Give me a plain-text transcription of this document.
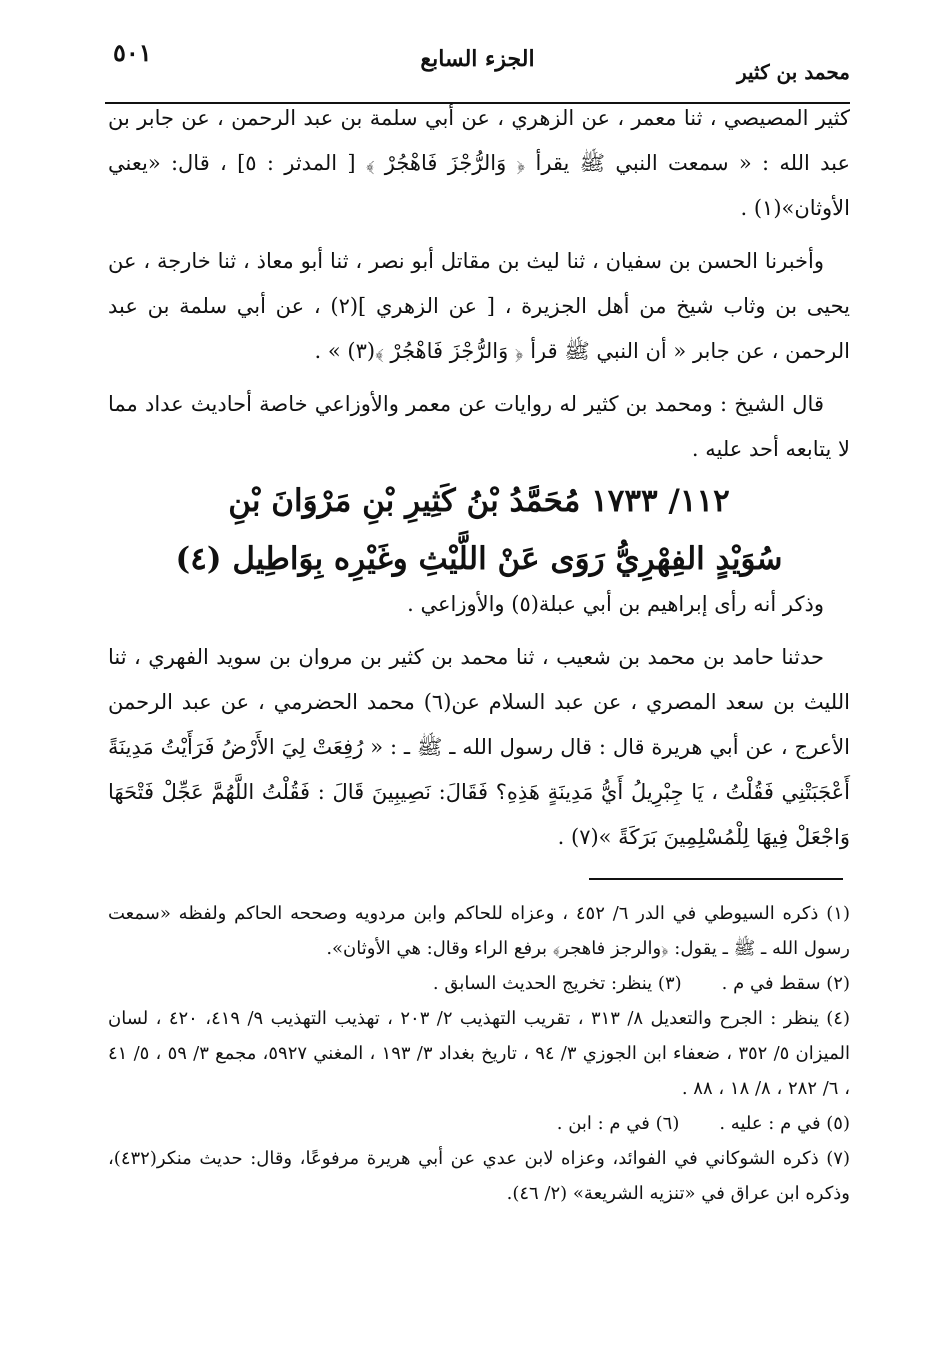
٥٠١	الجزء السابع	محمد بن كثير

كثير المصيصي ، ثنا معمر ، عن الزهري ، عن أبي سلمة بن عبد الرحمن ، عن جابر بن عبد الله : « سمعت النبي ﷺ يقرأ ﴿ وَالرُّجْزَ فَاهْجُرْ ﴾ [ المدثر : ٥] ، قال: «يعني الأوثان»(١) .

وأخبرنا الحسن بن سفيان ، ثنا ليث بن مقاتل أبو نصر ، ثنا أبو معاذ ، ثنا خارجة ، عن يحيى بن وثاب شيخ من أهل الجزيرة ، [ عن الزهري ](٢) ، عن أبي سلمة بن عبد الرحمن ، عن جابر « أن النبي ﷺ قرأ ﴿ وَالرُّجْزَ فَاهْجُرْ ﴾(٣) » .

قال الشيخ : ومحمد بن كثير له روايات عن معمر والأوزاعي خاصة أحاديث عداد مما لا يتابعه أحد عليه .

١١٢/ ١٧٣٣ مُحَمَّدُ بْنُ كَثِيرِ بْنِ مَرْوَانَ بْنِ
سُوَيْدٍ الفِهْرِيُّ رَوَى عَنْ اللَّيْثِ وغَيْرِه بِوَاطِيل (٤)

وذكر أنه رأى إبراهيم بن أبي عبلة(٥) والأوزاعي .

حدثنا حامد بن محمد بن شعيب ، ثنا محمد بن كثير بن مروان بن سويد الفهري ، ثنا الليث بن سعد المصري ، عن عبد السلام عن(٦) محمد الحضرمي ، عن عبد الرحمن الأعرج ، عن أبي هريرة قال : قال رسول الله ـ ﷺ ـ : « رُفِعَتْ لِيَ الأَرْضُ فَرَأَيْتُ مَدِينَةً أَعْجَبَتْنِي فَقُلْتُ ، يَا جِبْرِيلُ أَيُّ مَدِينَةٍ هَذِهِ؟ فَقَالَ: نَصِيبِينَ قَالَ : فَقُلْتُ اللَّهُمَّ عَجِّلْ فَتْحَهَا وَاجْعَلْ فِيهَا لِلْمُسْلِمِينَ بَرَكَةً »(٧) .

(١) ذكره السيوطي في الدر ٦/ ٤٥٢ ، وعزاه للحاكم وابن مردويه وصححه الحاكم ولفظه «سمعت رسول الله ـ ﷺ ـ يقول: ﴿والرجز فاهجر﴾ برفع الراء وقال: هي الأوثان».

(٢) سقط في م .(٣) ينظر: تخريج الحديث السابق .

(٤) ينظر : الجرح والتعديل ٨/ ٣١٣ ، تقريب التهذيب ٢/ ٢٠٣ ، تهذيب التهذيب ٩/ ٤١٩، ٤٢٠ ، لسان الميزان ٥/ ٣٥٢ ، ضعفاء ابن الجوزي ٣/ ٩٤ ، تاريخ بغداد ٣/ ١٩٣ ، المغني ٥٩٢٧، مجمع ٣/ ٥٩ ، ٥/ ٤١ ، ٦/ ٢٨٢ ، ٨/ ١٨ ، ٨٨ .

(٥) في م : عليه .(٦) في م : ابن .

(٧) ذكره الشوكاني في الفوائد، وعزاه لابن عدي عن أبي هريرة مرفوعًا، وقال: حديث منكر(٤٣٢)، وذكره ابن عراق في «تنزيه الشريعة» (٢/ ٤٦).
